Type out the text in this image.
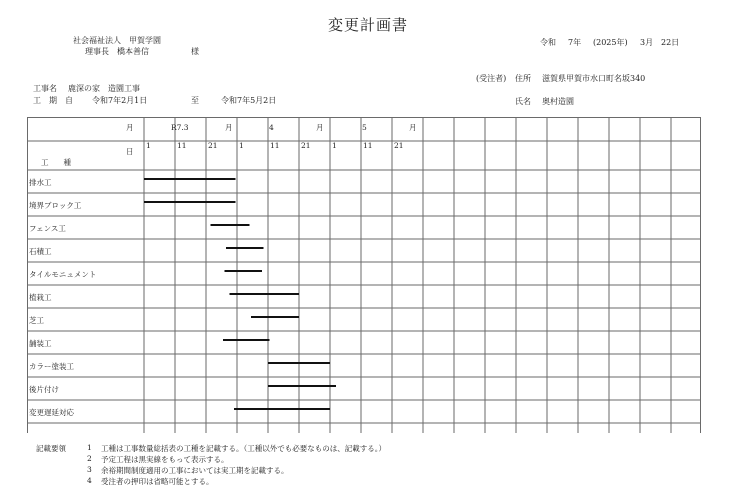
変更計画書
社会福祉法人　甲賀学園
理事長　橋本善信	様
令和 7年 (2025年) 3月 22日
(受注者) 住所 滋賀県甲賀市水口町名坂340
氏名 奥村造園
工事名 鹿深の家　造園工事
工　期　自 令和7年2月1日	至	令和7年5月2日
月
日
工　　種
R7.3	月	4	月	5	月
1	11	21	1	11	21	1	11	21
排水工
境界ブロック工
フェンス工
石積工
タイルモニュメント
植栽工
芝工
舗装工
カラー塗装工
後片付け
変更遅延対応
記載要領	1 工種は工事数量総括表の工種を記載する。（工種以外でも必要なものは、記載する。）
2 予定工程は黒実線をもって表示する。
3 余裕期間制度適用の工事においては実工期を記載する。
4 受注者の押印は省略可能とする。
